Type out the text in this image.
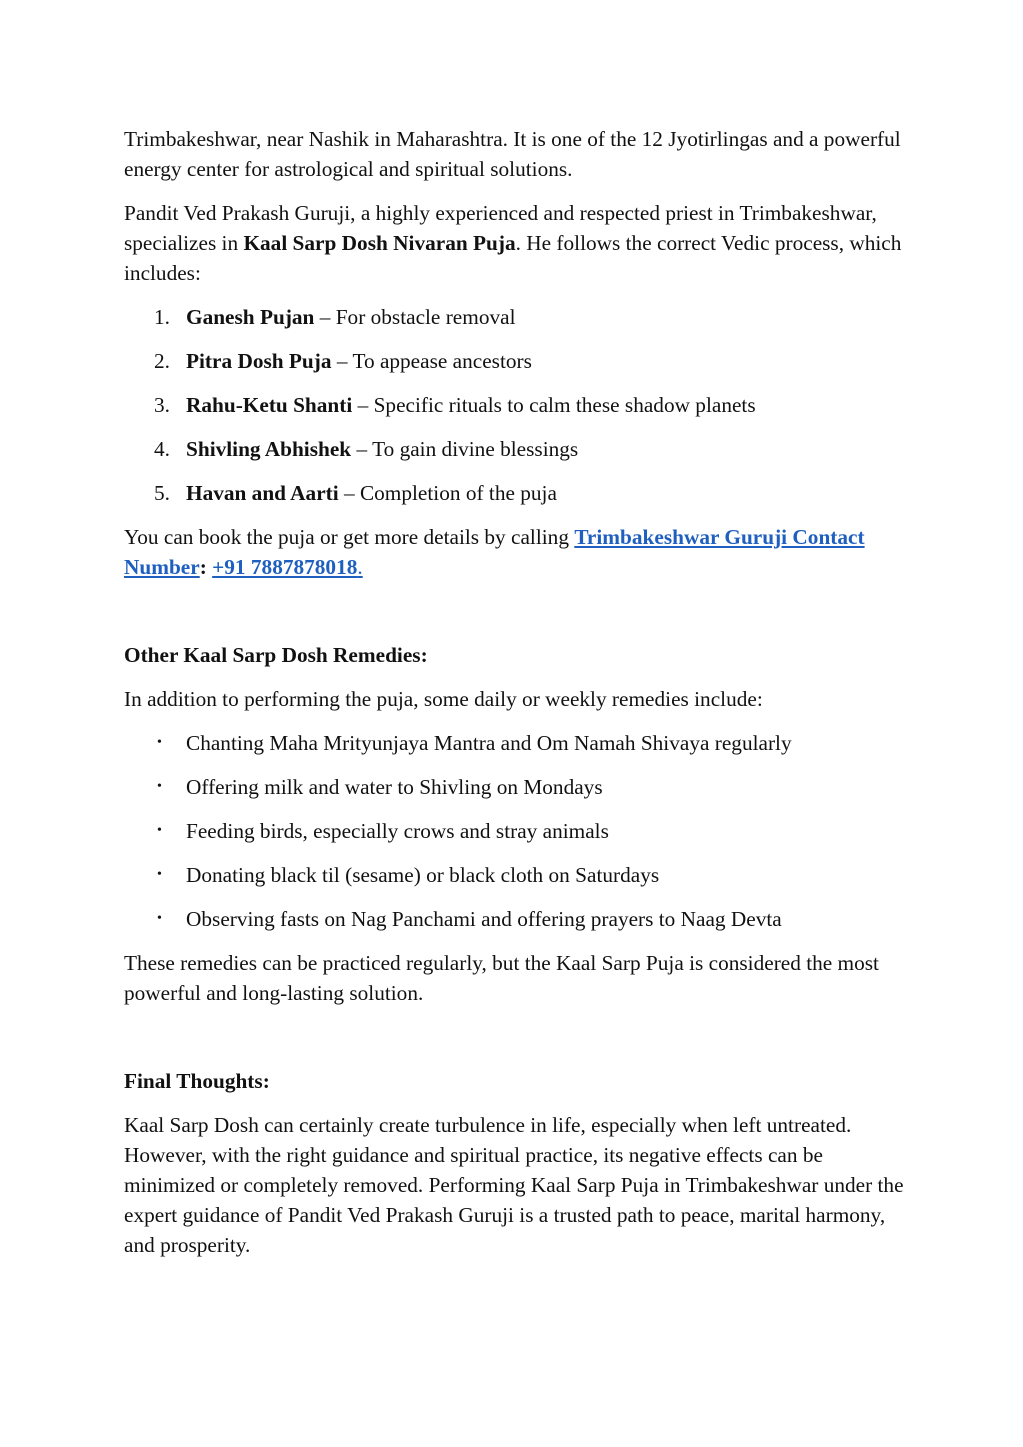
Trimbakeshwar, near Nashik in Maharashtra. It is one of the 12 Jyotirlingas and a powerful energy center for astrological and spiritual solutions.

Pandit Ved Prakash Guruji, a highly experienced and respected priest in Trimbakeshwar, specializes in Kaal Sarp Dosh Nivaran Puja. He follows the correct Vedic process, which includes:

1. Ganesh Pujan – For obstacle removal
2. Pitra Dosh Puja – To appease ancestors
3. Rahu-Ketu Shanti – Specific rituals to calm these shadow planets
4. Shivling Abhishek – To gain divine blessings
5. Havan and Aarti – Completion of the puja

You can book the puja or get more details by calling Trimbakeshwar Guruji Contact Number: +91 7887878018.

Other Kaal Sarp Dosh Remedies:

In addition to performing the puja, some daily or weekly remedies include:

• Chanting Maha Mrityunjaya Mantra and Om Namah Shivaya regularly
• Offering milk and water to Shivling on Mondays
• Feeding birds, especially crows and stray animals
• Donating black til (sesame) or black cloth on Saturdays
• Observing fasts on Nag Panchami and offering prayers to Naag Devta

These remedies can be practiced regularly, but the Kaal Sarp Puja is considered the most powerful and long-lasting solution.

Final Thoughts:

Kaal Sarp Dosh can certainly create turbulence in life, especially when left untreated. However, with the right guidance and spiritual practice, its negative effects can be minimized or completely removed. Performing Kaal Sarp Puja in Trimbakeshwar under the expert guidance of Pandit Ved Prakash Guruji is a trusted path to peace, marital harmony, and prosperity.
